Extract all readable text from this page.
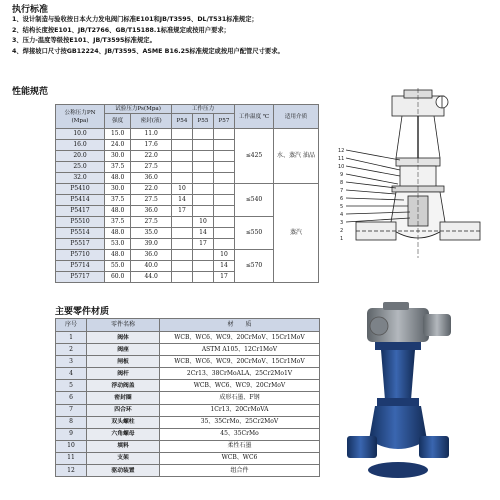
执行标准
1、设计制造与验收按日本火力发电阀门标准E101和JB/T3595、DL/T531标准规定；
2、结构长度按E101、JB/T2766、GB/T15188.1标准规定或按用户要求；
3、压力-温度等级按E101、JB/T3595标准规定。
4、焊接坡口尺寸按GB12224、JB/T3595、ASME B16.25标准规定或按用户配管尺寸要求。
性能规范
公称压力PN (Mpa)	试验压力Ps(Mpa)		工作压力			工作温度 ℃	适用介质
	强度	密封(液)	P54	P55	P57		
10.0	15.0	11.0				≤425	水、蒸汽 油品
16.0	24.0	17.6					
20.0	30.0	22.0					
25.0	37.5	27.5					
32.0	48.0	36.0					
P5410	30.0	22.0	10			≤540	蒸汽
P5414	37.5	27.5	14				
P5417	48.0	36.0	17				
P5510	37.5	27.5		10		≤550	
P5514	48.0	35.0		14			
P5517	53.0	39.0		17			
P5710	48.0	36.0			10	≤570	
P5714	55.0	40.0			14		
P5717	60.0	44.0			17		
12
11
10
9
8
7
6
5
4
3
2
1
主要零件材质
序号	零件名称	材　　质
1	阀体	WCB、WC6、WC9、20CrMoV、15Cr1MoV
2	阀座	ASTM A105、12Cr1MoV
3	闸板	WCB、WC6、WC9、20CrMoV、15Cr1MoV
4	阀杆	2Cr13、38CrMoALA、25Cr2Mo1V
5	浮动阀盖	WCB、WC6、WC9、20CrMoV
6	密封圈	成形石墨、F钢
7	四合环	1Cr13、20CrMoVA
8	双头螺柱	35、35CrMo、25Cr2MoV
9	六角螺母	45、35CrMo
10	填料	柔性石墨
11	支架	WCB、WC6
12	驱动装置	组合件
